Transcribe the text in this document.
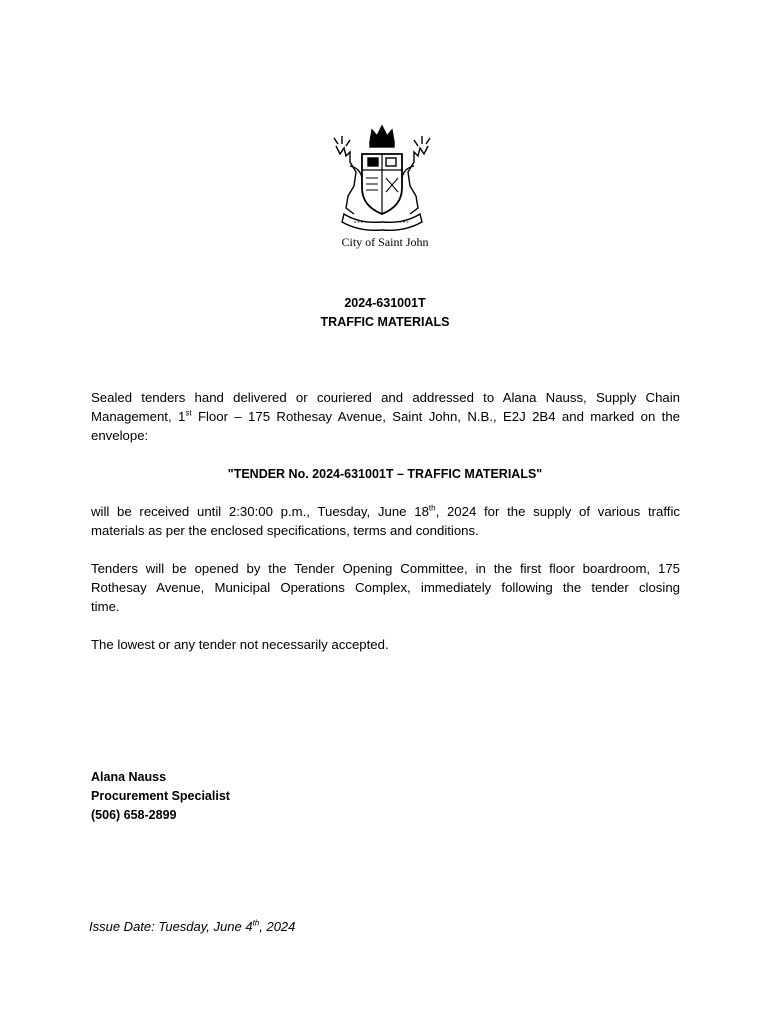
City of Saint John
2024-631001T
TRAFFIC MATERIALS
Sealed tenders hand delivered or couriered and addressed to Alana Nauss, Supply Chain
Management, 1st Floor – 175 Rothesay Avenue, Saint John, N.B., E2J 2B4 and marked on the
envelope:
"TENDER No. 2024-631001T – TRAFFIC MATERIALS"
will be received until 2:30:00 p.m., Tuesday, June 18th, 2024 for the supply of various traffic
materials as per the enclosed specifications, terms and conditions.
Tenders will be opened by the Tender Opening Committee, in the first floor boardroom, 175
Rothesay Avenue, Municipal Operations Complex, immediately following the tender closing
time.
The lowest or any tender not necessarily accepted.
Alana Nauss
Procurement Specialist
(506) 658-2899
Issue Date: Tuesday, June 4th, 2024
